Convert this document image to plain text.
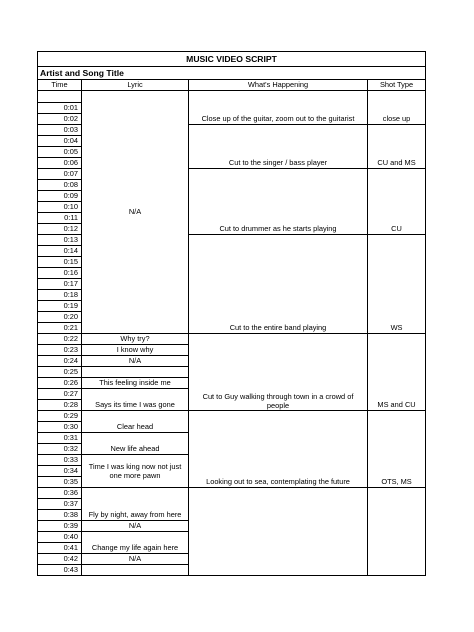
MUSIC VIDEO SCRIPT			
Artist and Song Title			
Time	Lyric	What's Happening	Shot Type
	N/A	Close up of the guitar, zoom out to the guitarist	close up
0:01			
0:02			
0:03		Cut to the singer / bass player	CU and MS
0:04			
0:05			
0:06			
0:07		Cut to drummer as he starts playing	CU
0:08			
0:09			
0:10			
0:11			
0:12			
0:13		Cut to the entire band playing	WS
0:14			
0:15			
0:16			
0:17			
0:18			
0:19			
0:20			
0:21			
0:22	Why try?	Cut to Guy walking through town in a crowd of people	MS and CU
0:23	I know why		
0:24	N/A		
0:25			
0:26	This feeling inside me		
0:27	Says its time I was gone		
0:28			
0:29	Clear head	Looking out to sea, contemplating the future	OTS, MS
0:30			
0:31	New life ahead		
0:32			
0:33	Time I was king now not just one more pawn		
0:34			
0:35			
0:36	Fly by night, away from here		
0:37			
0:38			
0:39	N/A		
0:40	Change my life again here		
0:41			
0:42	N/A		
0:43			
